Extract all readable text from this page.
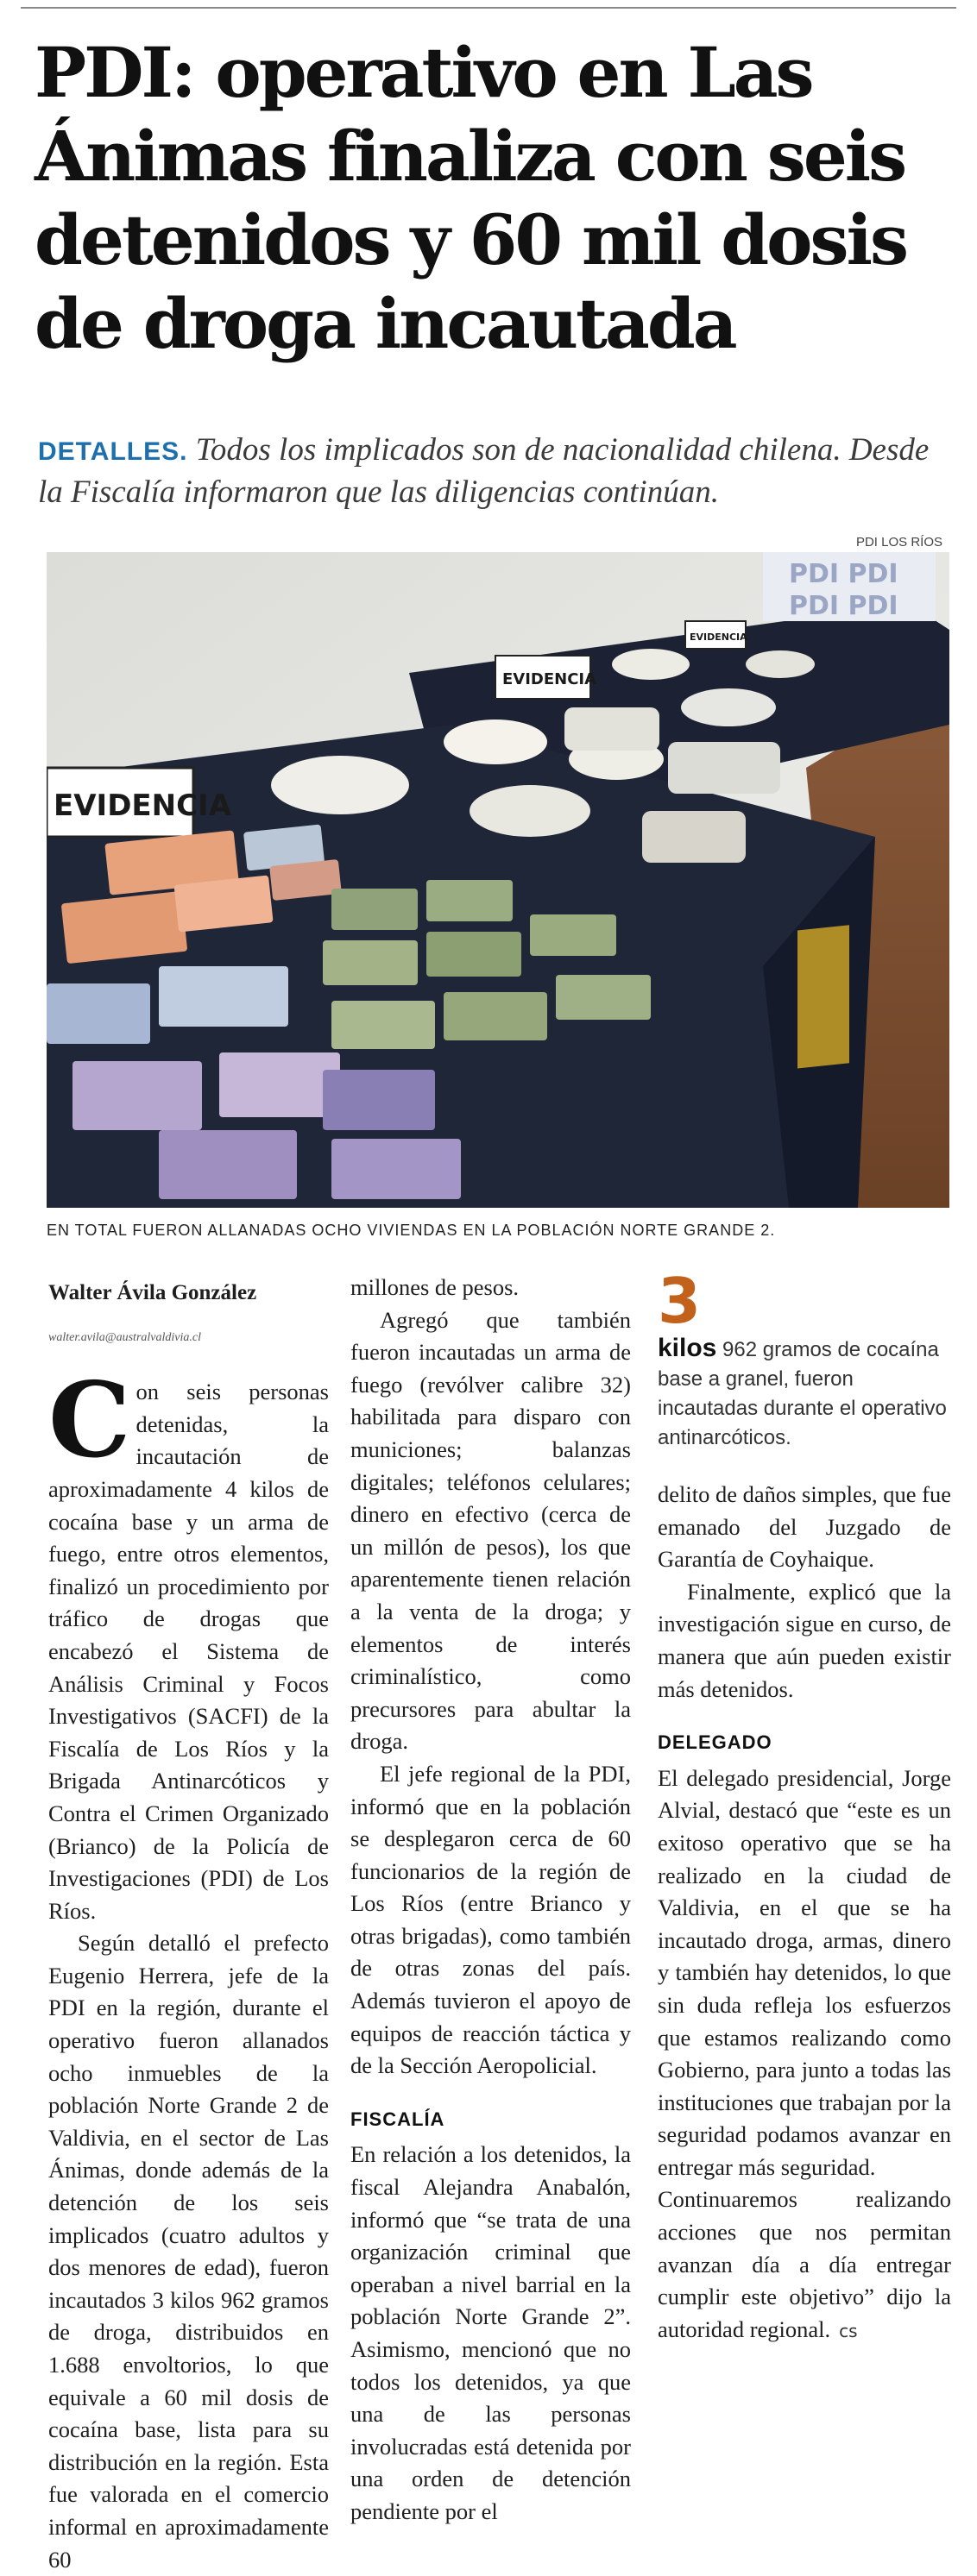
PDI: operativo en Las
Ánimas finaliza con seis
detenidos y 60 mil dosis
de droga incautada

DETALLES. Todos los implicados son de nacionalidad chilena. Desde la Fiscalía informaron que las diligencias continúan.

PDI LOS RÍOS
PDI PDI
PDI PDI
EVIDENCIA
EVIDENCIA
EVIDENCIA
EN TOTAL FUERON ALLANADAS OCHO VIVIENDAS EN LA POBLACIÓN NORTE GRANDE 2.
Walter Ávila González
walter.avila@australvaldivia.cl

Con seis personas detenidas, la incautación de aproximadamente 4 kilos de cocaína base y un arma de fuego, entre otros elementos, finalizó un procedimiento por tráfico de drogas que encabezó el Sistema de Análisis Criminal y Focos Investigativos (SACFI) de la Fiscalía de Los Ríos y la Brigada Antinarcóticos y Contra el Crimen Organizado (Brianco) de la Policía de Investigaciones (PDI) de Los Ríos.

Según detalló el prefecto Eugenio Herrera, jefe de la PDI en la región, durante el operativo fueron allanados ocho inmuebles de la población Norte Grande 2 de Valdivia, en el sector de Las Ánimas, donde además de la detención de los seis implicados (cuatro adultos y dos menores de edad), fueron incautados 3 kilos 962 gramos de droga, distribuidos en 1.688 envoltorios, lo que equivale a 60 mil dosis de cocaína base, lista para su distribución en la región. Esta fue valorada en el comercio informal en aproximadamente 60

millones de pesos.

Agregó que también fueron incautadas un arma de fuego (revólver calibre 32) habilitada para disparo con municiones; balanzas digitales; teléfonos celulares; dinero en efectivo (cerca de un millón de pesos), los que aparentemente tienen relación a la venta de la droga; y elementos de interés criminalístico, como precursores para abultar la droga.

El jefe regional de la PDI, informó que en la población se desplegaron cerca de 60 funcionarios de la región de Los Ríos (entre Brianco y otras brigadas), como también de otras zonas del país. Además tuvieron el apoyo de equipos de reacción táctica y de la Sección Aeropolicial.

FISCALÍA

En relación a los detenidos, la fiscal Alejandra Anabalón, informó que “se trata de una organización criminal que operaban a nivel barrial en la población Norte Grande 2”. Asimismo, mencionó que no todos los detenidos, ya que una de las personas involucradas está detenida por una orden de detención pendiente por el

3
kilos 962 gramos de cocaína base a granel, fueron incautadas durante el operativo antinarcóticos.

delito de daños simples, que fue emanado del Juzgado de Garantía de Coyhaique.

Finalmente, explicó que la investigación sigue en curso, de manera que aún pueden existir más detenidos.

DELEGADO

El delegado presidencial, Jorge Alvial, destacó que “este es un exitoso operativo que se ha realizado en la ciudad de Valdivia, en el que se ha incautado droga, armas, dinero y también hay detenidos, lo que sin duda refleja los esfuerzos que estamos realizando como Gobierno, para junto a todas las instituciones que trabajan por la seguridad podamos avanzar en entregar más seguridad.

Continuaremos realizando acciones que nos permitan avanzan día a día entregar cumplir este objetivo” dijo la autoridad regional. cs
